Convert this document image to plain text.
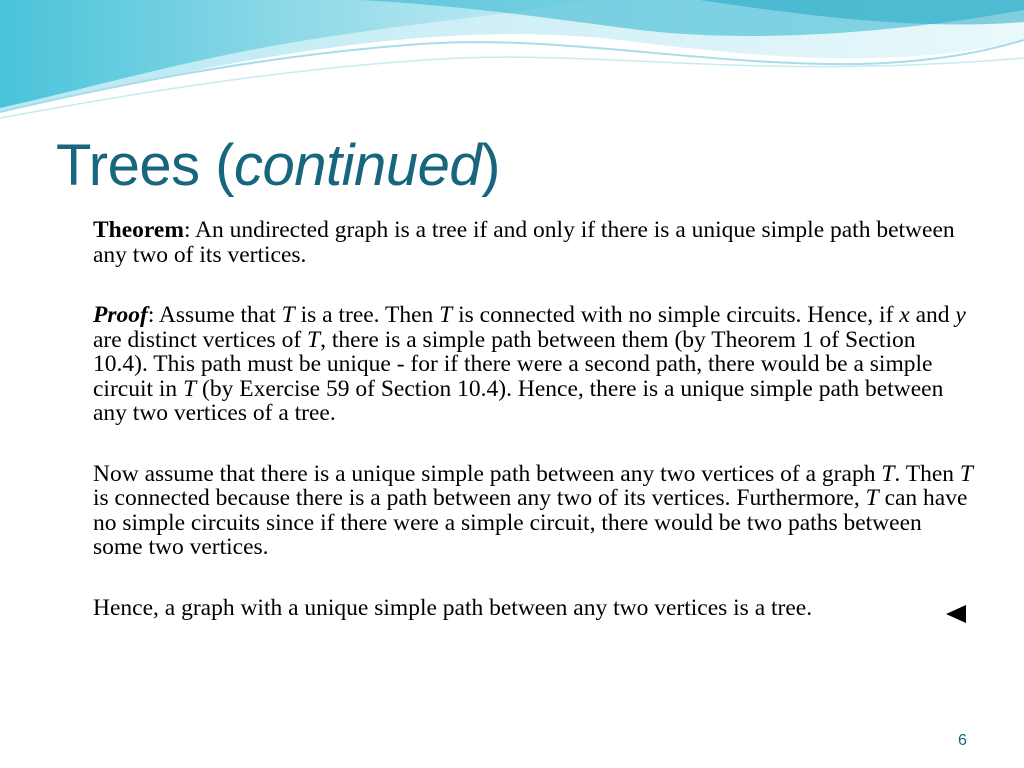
Trees (continued)

Theorem: An undirected graph is a tree if and only if there is a unique simple path between any two of its vertices.

Proof: Assume that T is a tree. Then T is connected with no simple circuits. Hence, if x and y are distinct vertices of T, there is a simple path between them (by Theorem 1 of Section 10.4). This path must be unique - for if there were a second path, there would be a simple circuit in T (by Exercise 59 of Section 10.4). Hence, there is a unique simple path between any two vertices of a tree.

Now assume that there is a unique simple path between any two vertices of a graph T. Then T is connected because there is a path between any two of its vertices. Furthermore, T can have no simple circuits since if there were a simple circuit, there would be two paths between some two vertices.

Hence, a graph with a unique simple path between any two vertices is a tree.

6
